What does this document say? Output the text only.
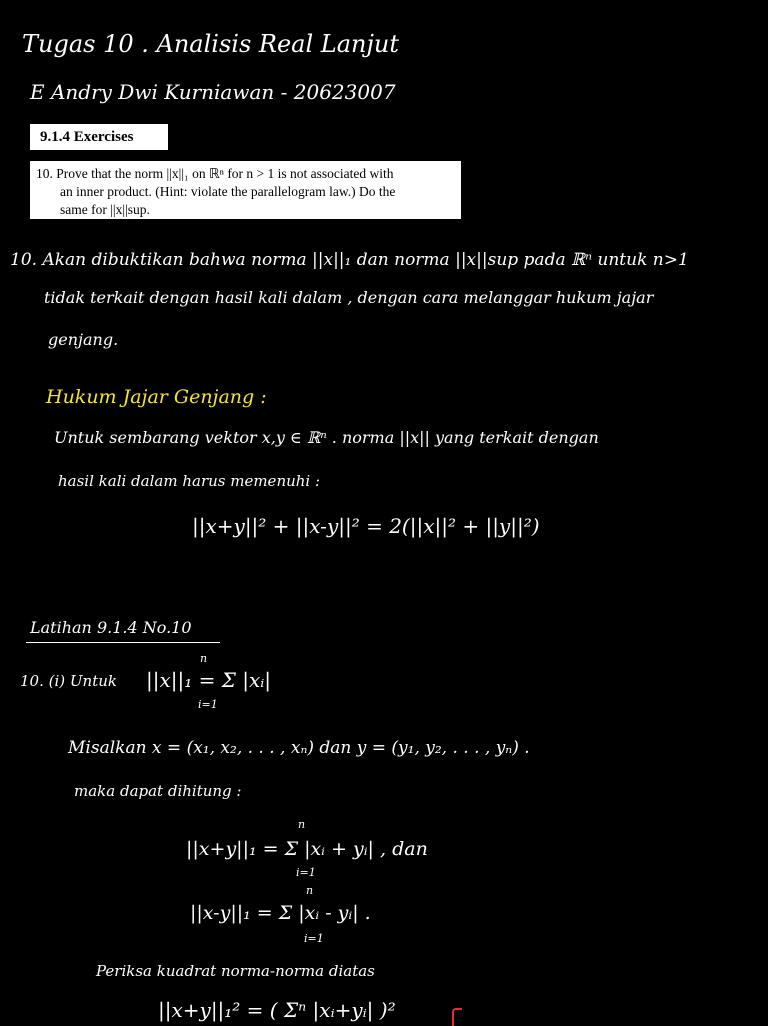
Tugas 10 . Analisis Real Lanjut
E Andry Dwi Kurniawan - 20623007
9.1.4 Exercises
10. Prove that the norm ||x||₁ on ℝⁿ for n > 1 is not associated with
an inner product. (Hint: violate the parallelogram law.) Do the
same for ||x||sup.
10. Akan dibuktikan bahwa norma ||x||₁ dan norma ||x||sup pada ℝⁿ untuk n>1
tidak terkait dengan hasil kali dalam , dengan cara melanggar hukum jajar
genjang.
Hukum Jajar Genjang :
Untuk sembarang vektor x,y ∈ ℝⁿ . norma ||x|| yang terkait dengan
hasil kali dalam harus memenuhi :
||x+y||² + ||x-y||² = 2(||x||² + ||y||²)
Latihan 9.1.4 No.10
10. (i) Untuk ||x||₁ = Σ |xᵢ|
n
i=1
Misalkan x = (x₁, x₂, . . . , xₙ) dan y = (y₁, y₂, . . . , yₙ) .
maka dapat dihitung :
||x+y||₁ = Σ |xᵢ + yᵢ| , dan
n
i=1
||x-y||₁ = Σ |xᵢ - yᵢ| .
n
i=1
Periksa kuadrat norma-norma diatas
||x+y||₁² = ( Σⁿ |xᵢ+yᵢ| )²
